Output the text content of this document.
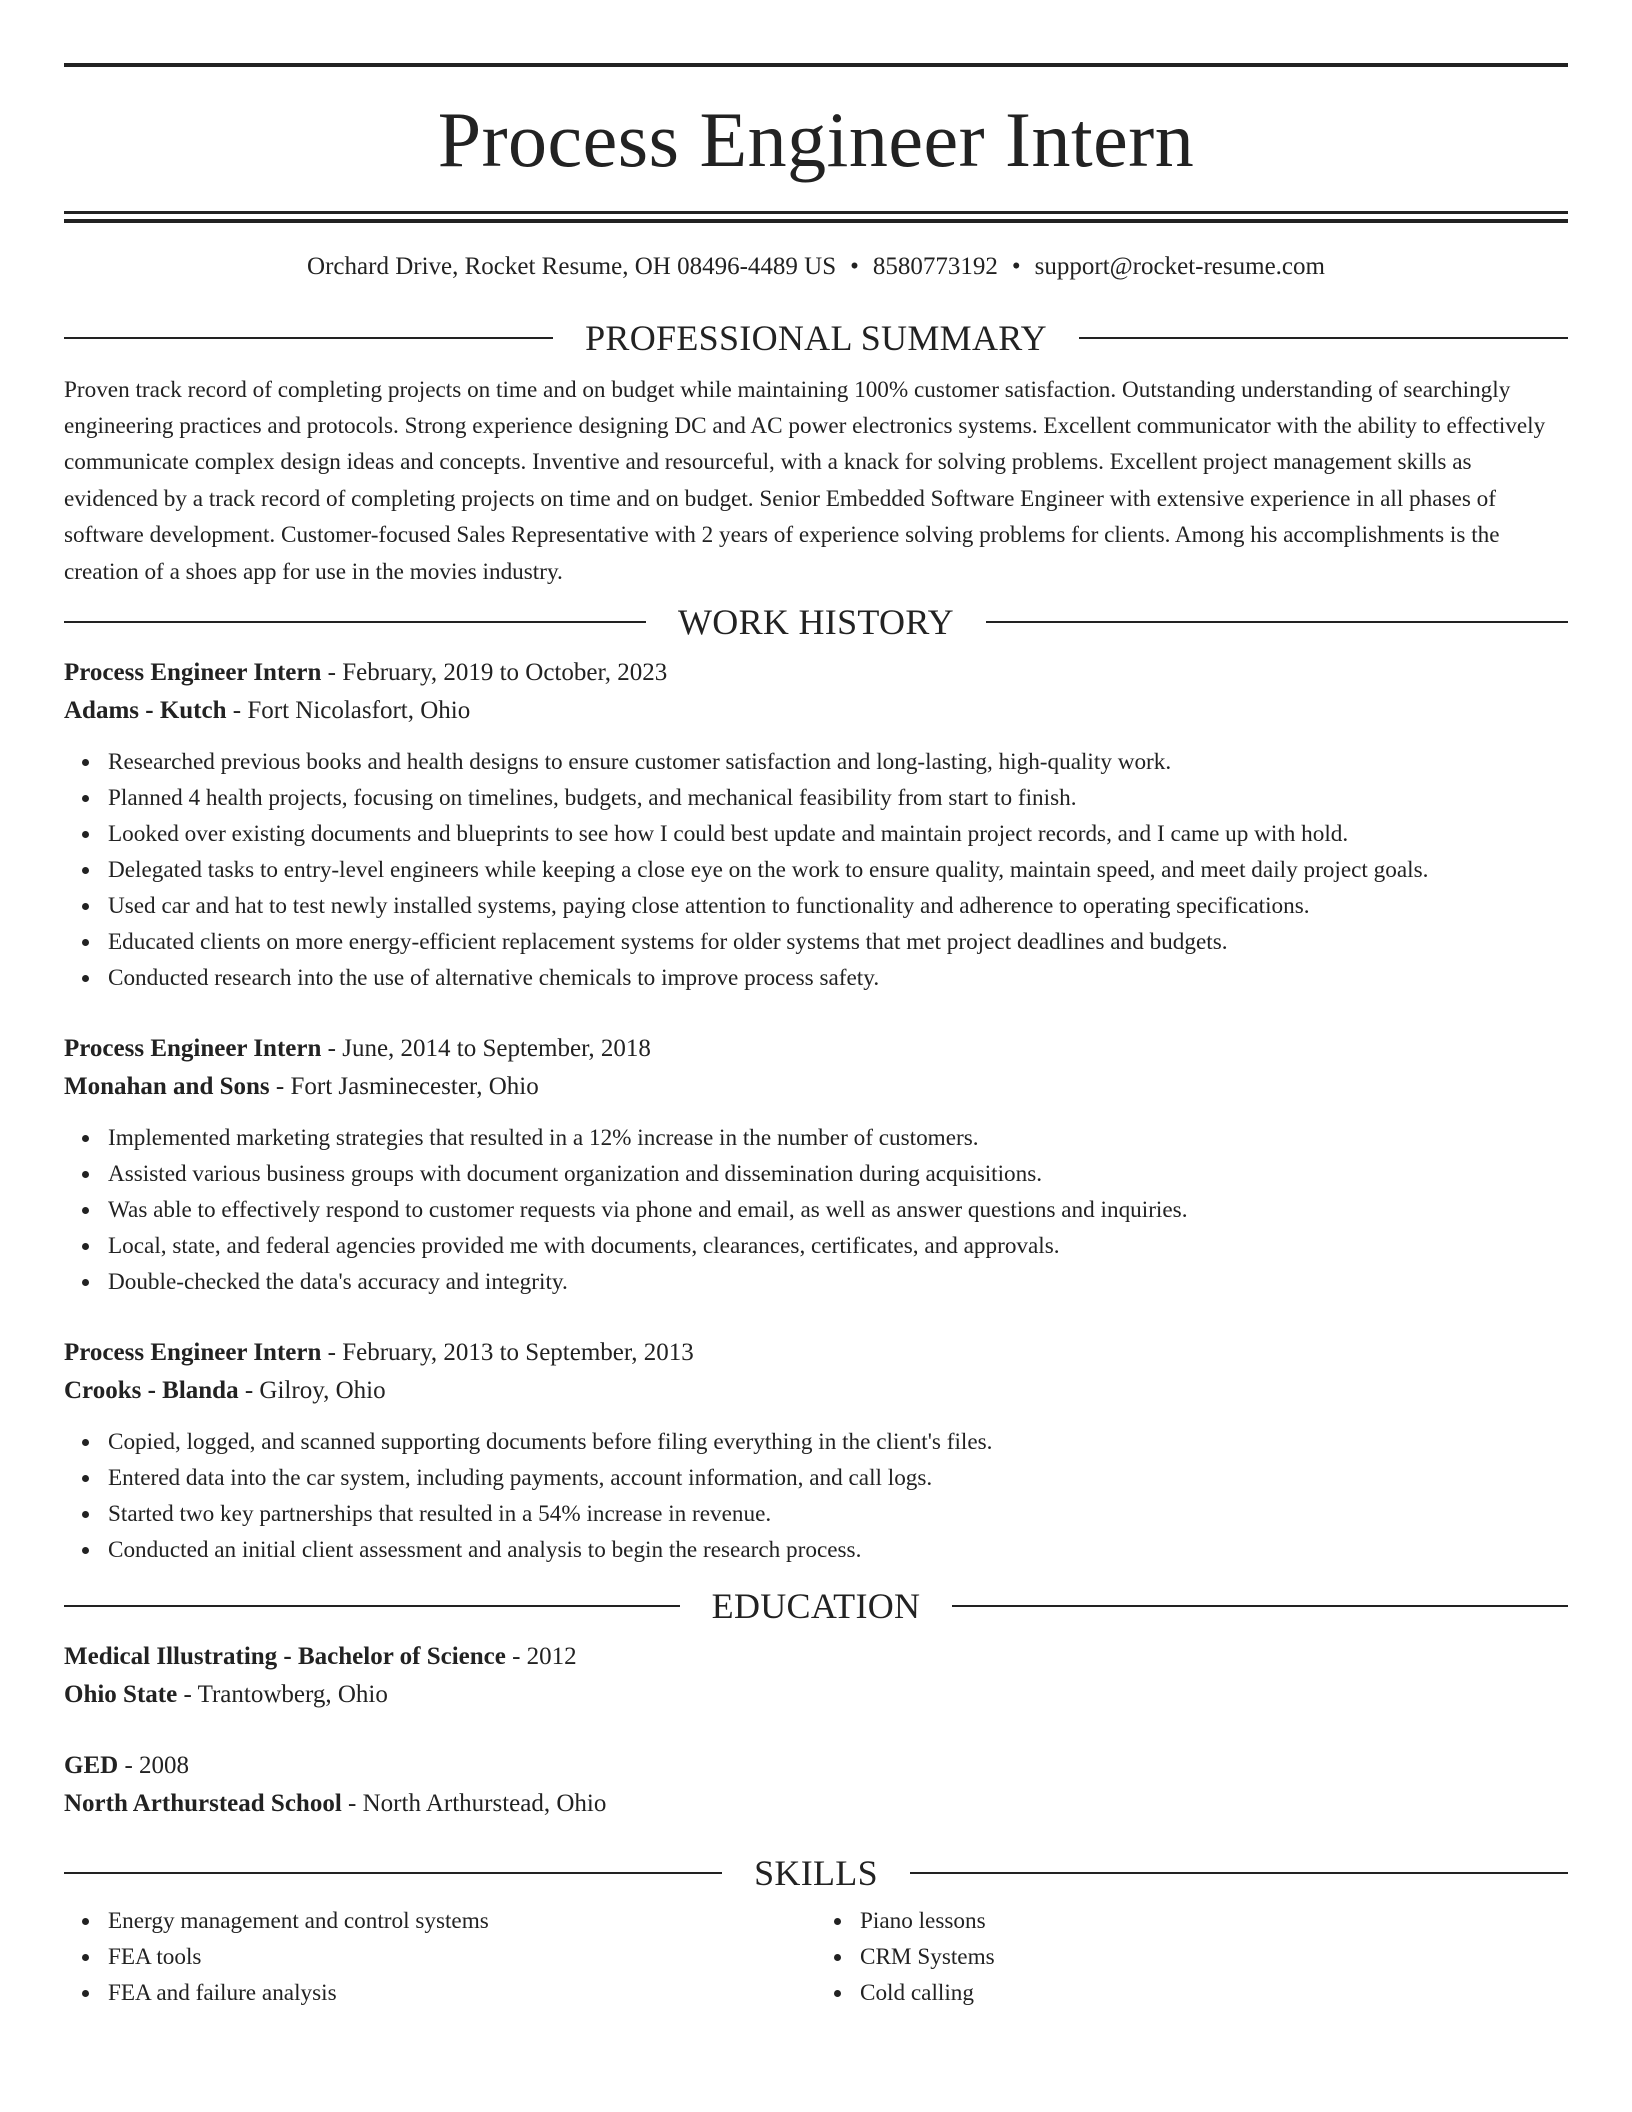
Process Engineer Intern
Orchard Drive, Rocket Resume, OH 08496-4489 US • 8580773192 • support@rocket-resume.com
PROFESSIONAL SUMMARY

Proven track record of completing projects on time and on budget while maintaining 100% customer satisfaction. Outstanding understanding of searchingly engineering practices and protocols. Strong experience designing DC and AC power electronics systems. Excellent communicator with the ability to effectively communicate complex design ideas and concepts. Inventive and resourceful, with a knack for solving problems. Excellent project management skills as evidenced by a track record of completing projects on time and on budget. Senior Embedded Software Engineer with extensive experience in all phases of software development. Customer-focused Sales Representative with 2 years of experience solving problems for clients. Among his accomplishments is the creation of a shoes app for use in the movies industry.

WORK HISTORY
Process Engineer Intern - February, 2019 to October, 2023
Adams - Kutch - Fort Nicolasfort, Ohio
Researched previous books and health designs to ensure customer satisfaction and long-lasting, high-quality work.
Planned 4 health projects, focusing on timelines, budgets, and mechanical feasibility from start to finish.
Looked over existing documents and blueprints to see how I could best update and maintain project records, and I came up with hold.
Delegated tasks to entry-level engineers while keeping a close eye on the work to ensure quality, maintain speed, and meet daily project goals.
Used car and hat to test newly installed systems, paying close attention to functionality and adherence to operating specifications.
Educated clients on more energy-efficient replacement systems for older systems that met project deadlines and budgets.
Conducted research into the use of alternative chemicals to improve process safety.
Process Engineer Intern - June, 2014 to September, 2018
Monahan and Sons - Fort Jasminecester, Ohio
Implemented marketing strategies that resulted in a 12% increase in the number of customers.
Assisted various business groups with document organization and dissemination during acquisitions.
Was able to effectively respond to customer requests via phone and email, as well as answer questions and inquiries.
Local, state, and federal agencies provided me with documents, clearances, certificates, and approvals.
Double-checked the data's accuracy and integrity.
Process Engineer Intern - February, 2013 to September, 2013
Crooks - Blanda - Gilroy, Ohio
Copied, logged, and scanned supporting documents before filing everything in the client's files.
Entered data into the car system, including payments, account information, and call logs.
Started two key partnerships that resulted in a 54% increase in revenue.
Conducted an initial client assessment and analysis to begin the research process.
EDUCATION
Medical Illustrating - Bachelor of Science - 2012
Ohio State - Trantowberg, Ohio
GED - 2008
North Arthurstead School - North Arthurstead, Ohio
SKILLS
Energy management and control systems
FEA tools
FEA and failure analysis
Piano lessons
CRM Systems
Cold calling
